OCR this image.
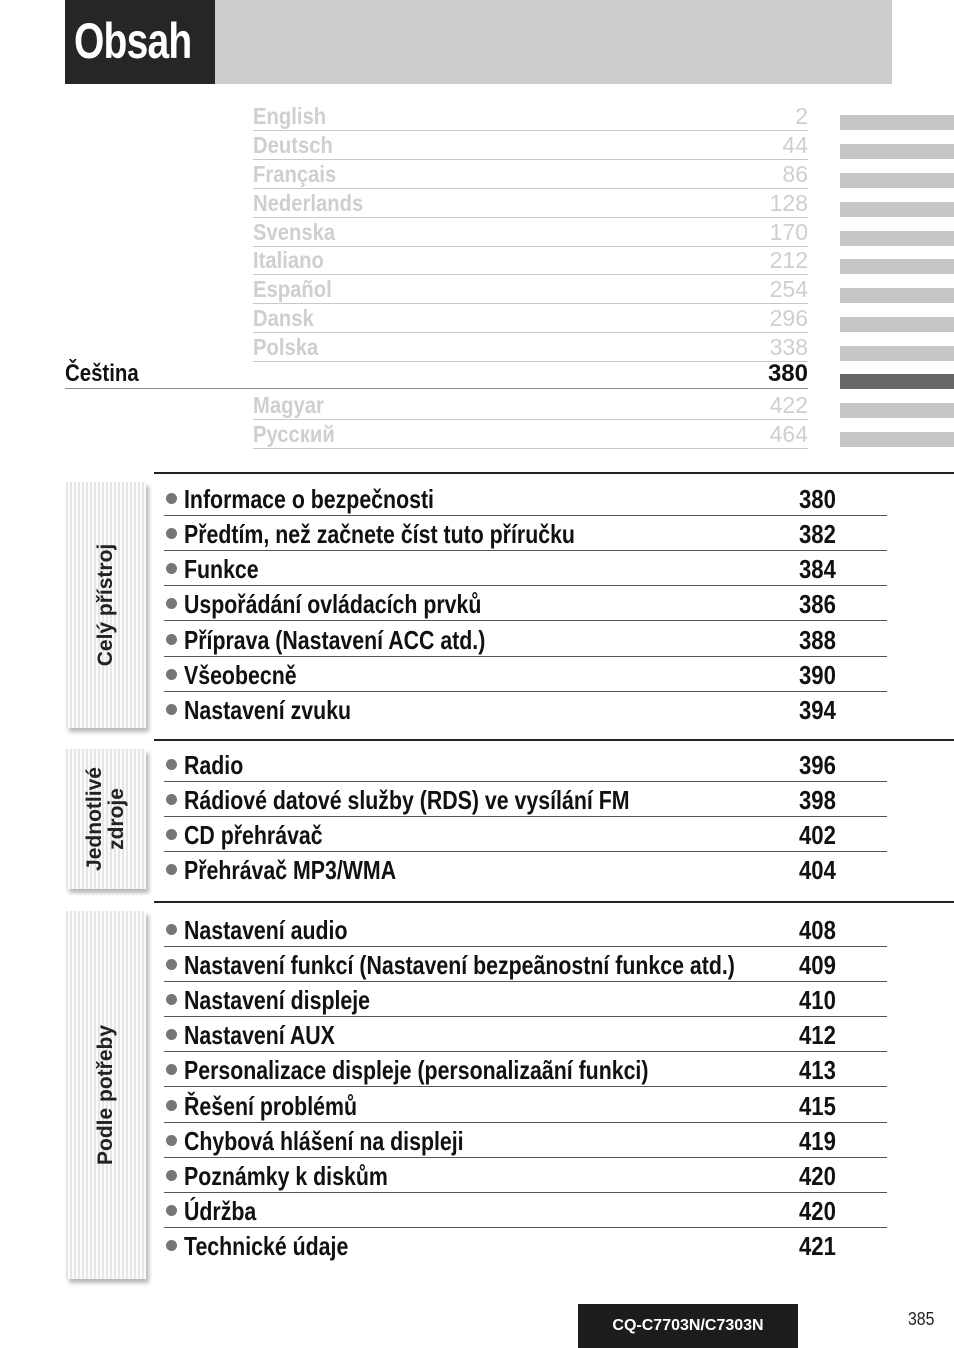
Obsah
English	2
Deutsch	44
Français	86
Nederlands	128
Svenska	170
Italiano	212
Español	254
Dansk	296
Polska	338
Čeština	380
Magyar	422
Русский	464
Celý přístroj
Informace o bezpečnosti	380
Předtím, než začnete číst tuto příručku	382
Funkce	384
Uspořádání ovládacích prvků	386
Příprava (Nastavení ACC atd.)	388
Všeobecně	390
Nastavení zvuku	394
Jednotlivé
zdroje
Radio	396
Rádiové datové služby (RDS) ve vysílání FM	398
CD přehrávač	402
Přehrávač MP3/WMA	404
Podle potřeby
Nastavení audio	408
Nastavení funkcí (Nastavení bezpeãnostní funkce atd.) 409
Nastavení displeje	410
Nastavení AUX	412
Personalizace displeje (personalizaãní funkci)	413
Řešení problémů	415
Chybová hlášení na displeji	419
Poznámky k diskům	420
Údržba	420
Technické údaje	421
CQ-C7703N/C7303N	385
